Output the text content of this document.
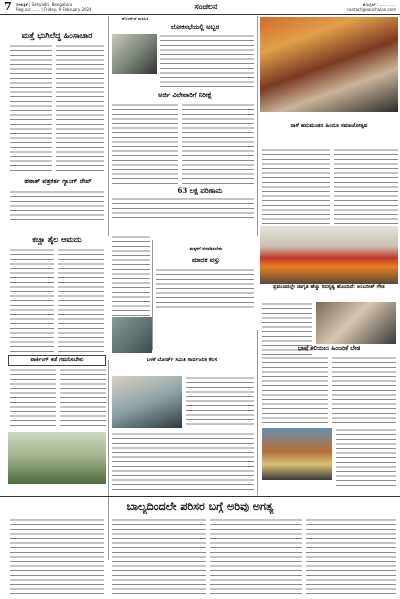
7 ದಿನಪತ್ರಿಕೆ | Sahyadri, Bengaluru
Reg.no: ...... | Friday, 9 February 2024	ಸಂಚಲನ	ಮೊಬೈಲ್ : ...... ......
contact@sanchalan.com
ಹೊಸಪೇಟೆ ಮಾಹಿತಿ
ಮತ್ತೆ ಭುಗಿಲೆದ್ದ ಹಿಂಸಾಚಾರ
ಲೋಕಸಭೆಯಲ್ಲಿ ಅಬ್ಬರ
ನಾಳೆ ಹನುಮಂತನ ಹಿಂದೂ ಸಮಾಜೋತ್ಸವ
ಅರ್ಜಿ ವಿಲೇವಾರಿಗೆ ನಿರೀಕ್ಷೆ
ಹಠಾತ್ ಪತ್ರಕರ್ತ ಗ್ಯಾಂಗ್ ರೇಪ್
63 ಲಕ್ಷ ಪರಿಣಾಮ
ಕಚ್ಚಾ ತೈಲ ಆಮದು
ಪ್ರಪಂಚದಲ್ಲೇ ಜಾಗೃತಿ ಹೆಚ್ಚು ಸದಸ್ಯತ್ವ ಹೊಂದಿದೆ: ಅಂಬರೀಶ್ ಗೌಡ
ಮಕ್ಕಳಿಗೆ ಅಳವಡಿಸಬೇಕು
ಮಾದಕ ವಸ್ತು
ಪಾರ್ಕಿಂಗ್ ಕಡೆ ಗಮನಿಸಬೇಕು	ಬಳಕೆ ಬೋರ್ಡ್ ಸಮಿತಿ ಸಾರ್ವಜನಿಕ ಕೆಲಸ
ಭಾಷೆ ಕಲಿಯಲು ಹಿಂಜರಿಕೆ ಬೇಡ
ಬಾಲ್ಯದಿಂದಲೇ ಪರಿಸರ ಬಗ್ಗೆ ಅರಿವು ಅಗತ್ಯ
